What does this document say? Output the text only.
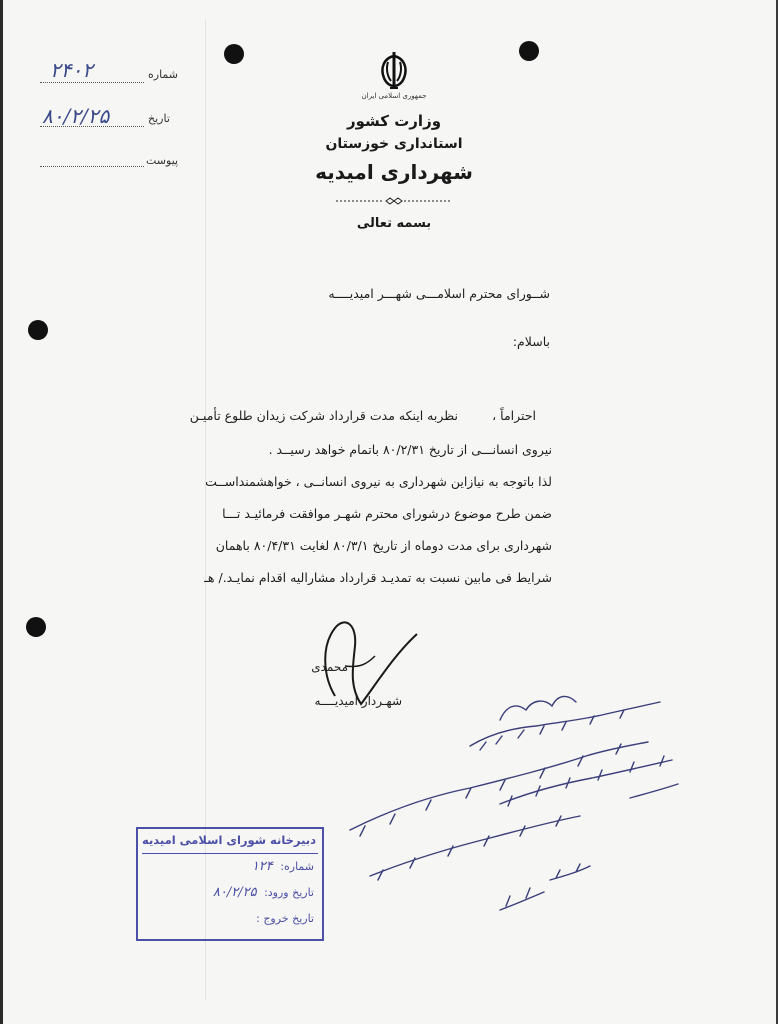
شماره
۲۴۰۲
تاریخ
۸۰/۲/۲۵
پیوست
جمهوری اسلامی ایران
وزارت کشور
استانداری خوزستان
شهرداری امیدیه
بسمه تعالی
شــورای محترم اسلامـــی شهـــر امیدیــــه
باسلام:
احتراماً ،
نظربه اینکه مدت قرارداد شرکت زیدان طلوع تأمیـن
نیروی انسانـــی از تاریخ ۸۰/۲/۳۱ باتمام خواهد رسیــد .
لذا باتوجه به نیازاین شهرداری به نیروی انسانــی ، خواهشمنداســت
ضمن طرح موضوع درشورای محترم شهـر موافقت فرمائیـد تـــا
شهرداری برای مدت دوماه از تاریخ ۸۰/۳/۱ لغایت ۸۰/۴/۳۱ باهمان
شرایط فی مابین نسبت به تمدیـد قرارداد مشارالیه اقدام نمایـد./ هـ
محمدی
شهـردار امیدیــــه
دبیرخانه شورای اسلامی امیدیه
شماره: ۱۲۴
تاریخ ورود: ۸۰/۲/۲۵
تاریخ خروج :
